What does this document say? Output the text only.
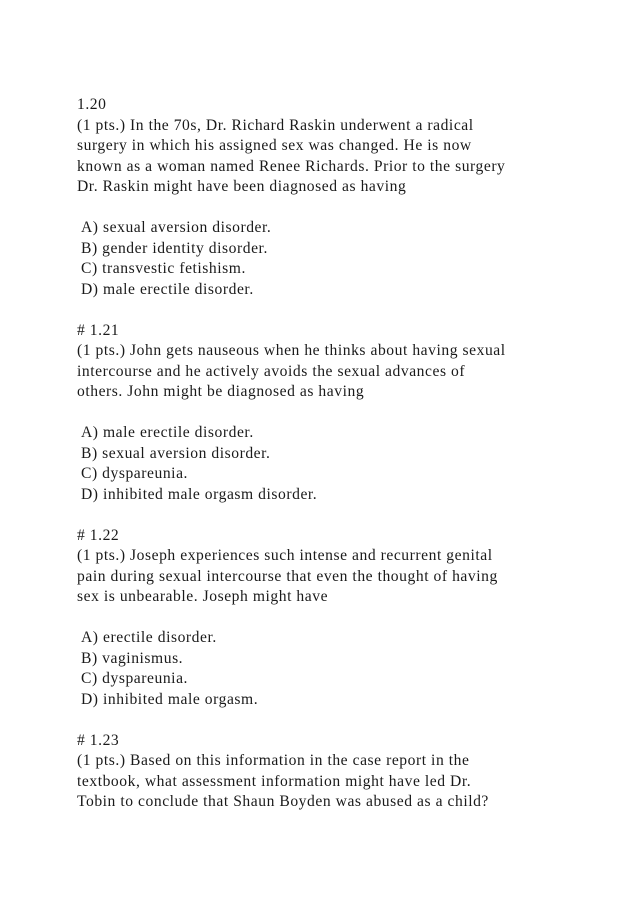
1.20
(1 pts.) In the 70s, Dr. Richard Raskin underwent a radical
surgery in which his assigned sex was changed. He is now
known as a woman named Renee Richards. Prior to the surgery
Dr. Raskin might have been diagnosed as having
A) sexual aversion disorder.
B) gender identity disorder.
C) transvestic fetishism.
D) male erectile disorder.
# 1.21
(1 pts.) John gets nauseous when he thinks about having sexual
intercourse and he actively avoids the sexual advances of
others. John might be diagnosed as having
A) male erectile disorder.
B) sexual aversion disorder.
C) dyspareunia.
D) inhibited male orgasm disorder.
# 1.22
(1 pts.) Joseph experiences such intense and recurrent genital
pain during sexual intercourse that even the thought of having
sex is unbearable. Joseph might have
A) erectile disorder.
B) vaginismus.
C) dyspareunia.
D) inhibited male orgasm.
# 1.23
(1 pts.) Based on this information in the case report in the
textbook, what assessment information might have led Dr.
Tobin to conclude that Shaun Boyden was abused as a child?
